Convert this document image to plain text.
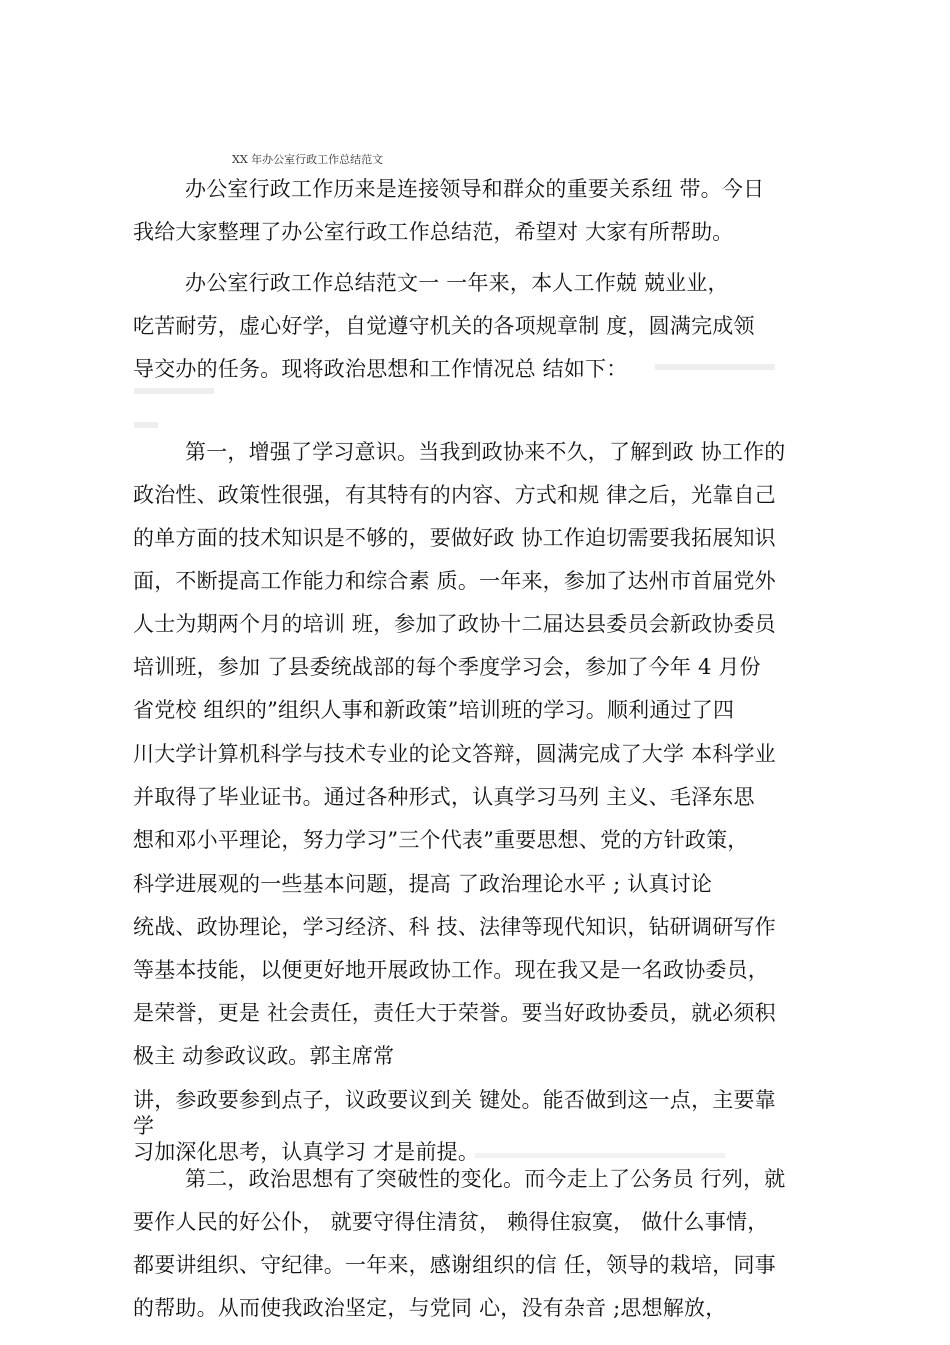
XX 年办公室行政工作总结范文
办公室行政工作历来是连接领导和群众的重要关系纽 带。今日
我给大家整理了办公室行政工作总结范，希望对 大家有所帮助。
办公室行政工作总结范文一 一年来，本人工作兢 兢业业，
吃苦耐劳，虚心好学，自觉遵守机关的各项规章制 度，圆满完成领
导交办的任务。现将政治思想和工作情况总 结如下：
第一，增强了学习意识。当我到政协来不久，了解到政 协工作的
政治性、政策性很强，有其特有的内容、方式和规 律之后，光靠自己
的单方面的技术知识是不够的，要做好政 协工作迫切需要我拓展知识
面，不断提高工作能力和综合素 质。一年来，参加了达州市首届党外
人士为期两个月的培训 班，参加了政协十二届达县委员会新政协委员
培训班，参加 了县委统战部的每个季度学习会，参加了今年 4 月份
省党校 组织的”组织人事和新政策”培训班的学习。顺利通过了四
川大学计算机科学与技术专业的论文答辩，圆满完成了大学 本科学业
并取得了毕业证书。通过各种形式，认真学习马列 主义、毛泽东思
想和邓小平理论，努力学习”三个代表”重要思想、党的方针政策，
科学进展观的一些基本问题，提高 了政治理论水平 ; 认真讨论
统战、政协理论，学习经济、科 技、法律等现代知识，钻研调研写作
等基本技能，以便更好地开展政协工作。现在我又是一名政协委员，
是荣誉，更是 社会责任，责任大于荣誉。要当好政协委员，就必须积
极主 动参政议政。郭主席常
讲，参政要参到点子，议政要议到关 键处。能否做到这一点，主要靠
学
习加深化思考，认真学习 才是前提。
第二，政治思想有了突破性的变化。而今走上了公务员 行列，就
要作人民的好公仆， 就要守得住清贫， 赖得住寂寞， 做什么事情，
都要讲组织、守纪律。一年来，感谢组织的信 任，领导的栽培，同事
的帮助。从而使我政治坚定，与党同 心，没有杂音 ;思想解放，
